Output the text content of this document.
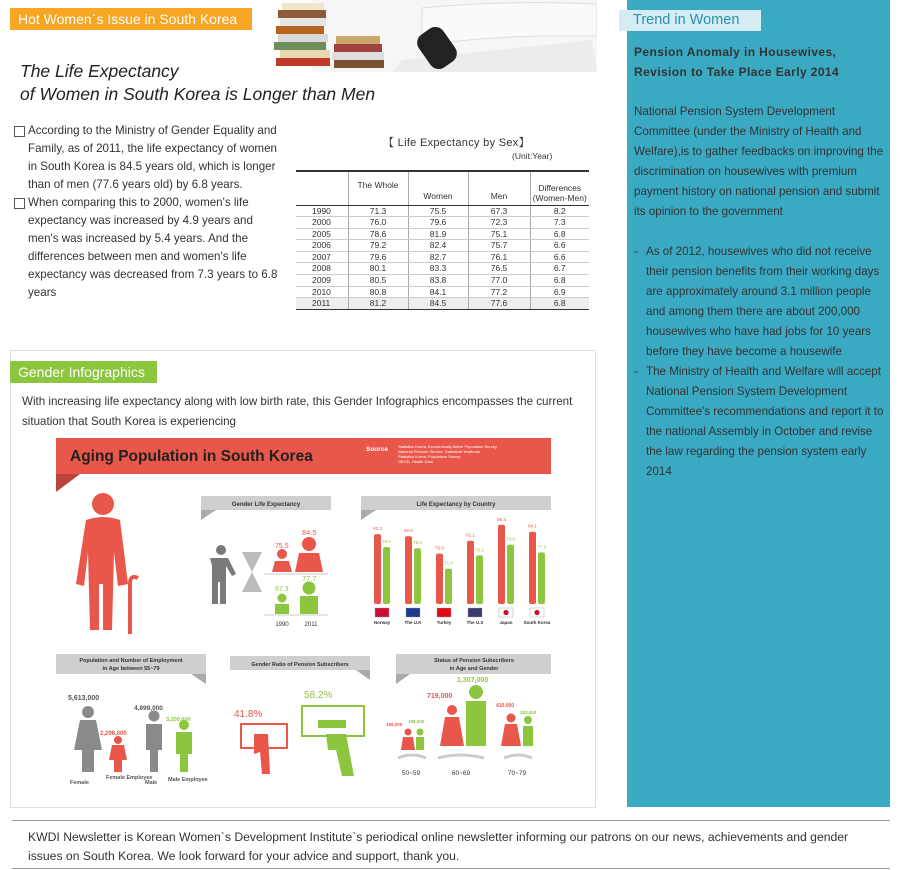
Hot Women`s Issue in South Korea
The Life Expectancy
of Women in South Korea is Longer than Men
According to the Ministry of Gender Equality and Family, as of 2011, the life expectancy of women in South Korea is 84.5 years old, which is longer than of men (77.6 years old) by 6.8 years.
When comparing this to 2000, women's life expectancy was increased by 4.9 years and men's was increased by 5.4 years. And the differences between men and women's life expectancy was decreased from 7.3 years to 6.8 years
【 Life Expectancy by Sex】
(Unit:Year)
	The Whole	Women	Men	Differences (Women-Men)
1990	71.3	75.5	67.3	8.2
2000	76.0	79.6	72.3	7.3
2005	78.6	81.9	75.1	6.8
2006	79.2	82.4	75.7	6.6
2007	79.6	82.7	76.1	6.6
2008	80.1	83.3	76.5	6.7
2009	80.5	83.8	77.0	6.8
2010	80.8	84.1	77.2	6.9
2011	81.2	84.5	77.6	6.8
Gender Infographics
With increasing life expectancy along with low birth rate, this Gender Infographics encompasses the current situation that South Korea is experiencing
Aging Population in South Korea	Source Statistics Korea, Economically Active Population Survey
National Pension Service, Statistical Yearbook
Statistics Korea, Population Survey
OECD, Health Data
Gender Life Expectancy
75.5
84.5
67.3
77.7
1990	2011
Life Expectancy by Country
83.3
79.0
Norway
82.6
78.6
The U.K
76.8
71.8
Turkey
81.1
76.2
The U.S
86.4
79.8
Japan
84.1
77.2
South Korea
Population and Number of Employment
in Age between 55~79
5,613,000
2,296,000
4,899,000
3,200,000
Female
Female Employee
Male Male Employee
Gender Ratio of Pension Subscribers
41.8%
58.2%
Status of Pension Subscribers
in Age and Gender
158,000
198,000
719,000
1,307,000
410,000
283,000
50~59	60~69	70~79
Trend in Women
Pension Anomaly in Housewives, Revision to Take Place Early 2014
National Pension System Development Committee (under the Ministry of Health and Welfare),is to gather feedbacks on improving the discrimination on housewives with premium payment history on national pension and submit its opinion to the government
- As of 2012, housewives who did not receive their pension benefits from their working days are approximately around 3.1 million people and among them there are about 200,000 housewives who have had jobs for 10 years before they have become a housewife
- The Ministry of Health and Welfare will accept National Pension System Development Committee's recommendations and report it to the national Assembly in October and revise the law regarding the pension system early 2014
KWDI Newsletter is Korean Women`s Development Institute`s periodical online newsletter informing our patrons on our news, achievements and gender issues on South Korea. We look forward for your advice and support, thank you.
